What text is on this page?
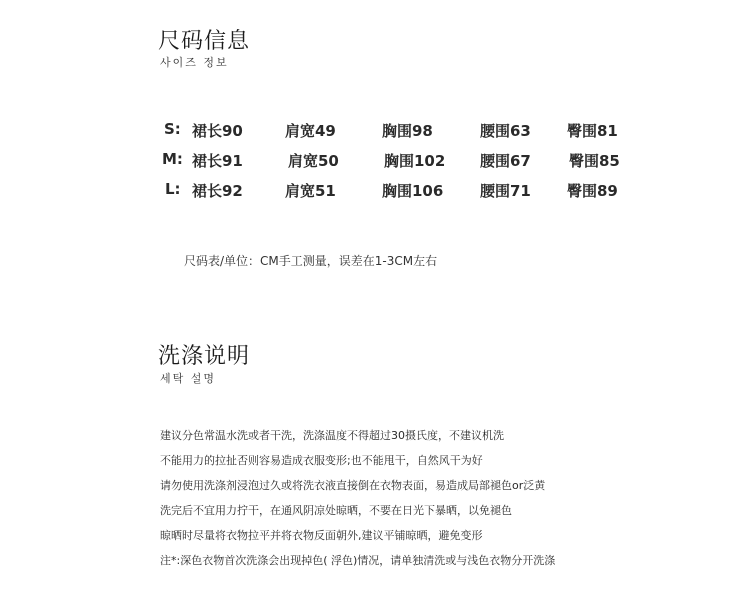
尺码信息
사이즈 정보
S: 裙长90	肩宽49	胸围98	腰围63 臀围81
M: 裙长91	肩宽50	胸围102 腰围67	臀围85
L: 裙长92	肩宽51	胸围106 腰围71 臀围89
尺码表/单位：CM手工测量，误差在1-3CM左右
洗涤说明
세탁 설명
建议分色常温水洗或者干洗，洗涤温度不得超过30摄氏度，不建议机洗
不能用力的拉扯否则容易造成衣服变形;也不能甩干，自然风干为好
请勿使用洗涤剂浸泡过久或将洗衣液直接倒在衣物表面，易造成局部褪色or泛黄
洗完后不宜用力拧干，在通风阴凉处晾晒，不要在日光下暴晒，以免褪色
晾晒时尽量将衣物拉平并将衣物反面朝外,建议平铺晾晒，避免变形
注*:深色衣物首次洗涤会出现掉色( 浮色)情况，请单独清洗或与浅色衣物分开洗涤
